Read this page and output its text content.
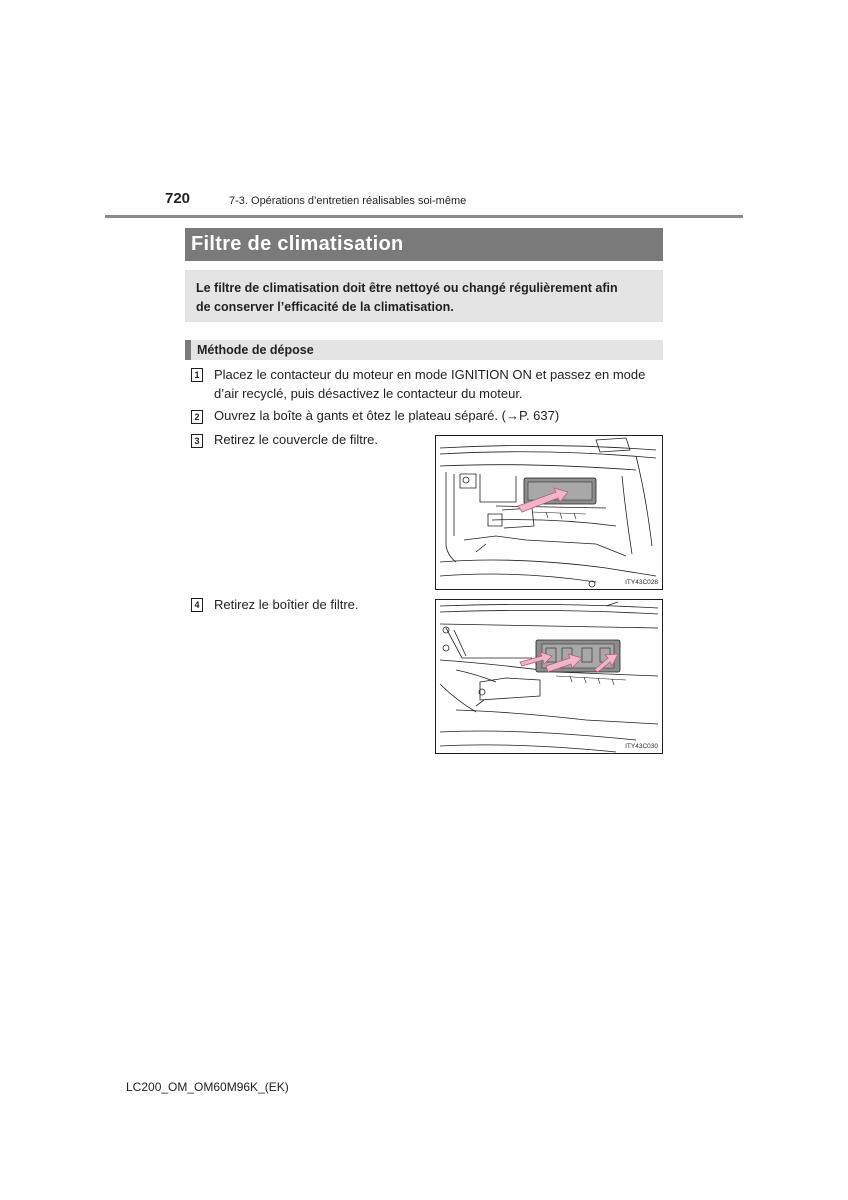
720	7-3. Opérations d’entretien réalisables soi-même
Filtre de climatisation
Le filtre de climatisation doit être nettoyé ou changé régulièrement afin
de conserver l’efficacité de la climatisation.
Méthode de dépose
1 Placez le contacteur du moteur en mode IGNITION ON et passez en mode
d’air recyclé, puis désactivez le contacteur du moteur.
2 Ouvrez la boîte à gants et ôtez le plateau séparé. (→P. 637)
3 Retirez le couvercle de filtre.
ITY43C028
4 Retirez le boîtier de filtre.
ITY43C030
LC200_OM_OM60M96K_(EK)
